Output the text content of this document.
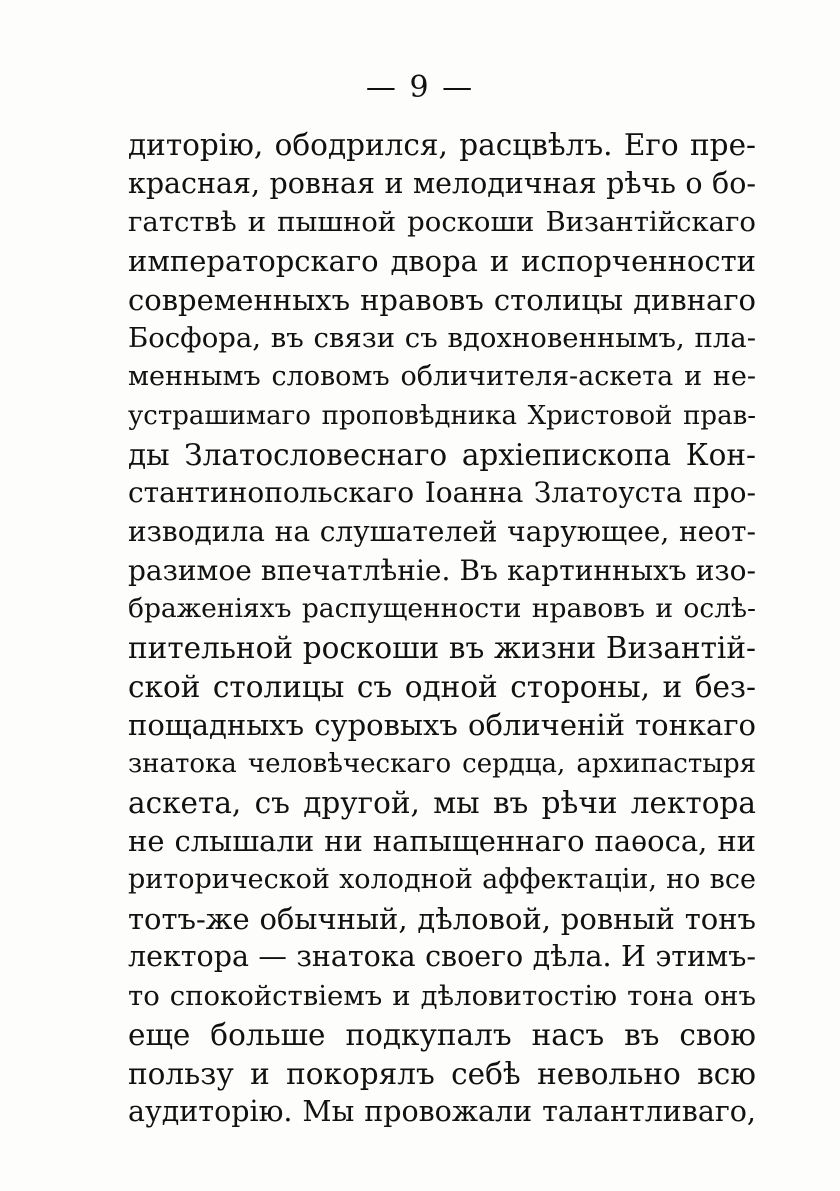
— 9 —
диторію, ободрился, расцвѣлъ. Его пре-
красная, ровная и мелодичная рѣчь о бо-
гатствѣ и пышной роскоши Византійскаго
императорскаго двора и испорченности
современныхъ нравовъ столицы дивнаго
Босфора, въ связи съ вдохновеннымъ, пла-
меннымъ словомъ обличителя-аскета и не-
устрашимаго проповѣдника Христовой прав-
ды Златословеснаго архіепископа Кон-
стантинопольскаго Іоанна Златоуста про-
изводила на слушателей чарующее, неот-
разимое впечатлѣніе. Въ картинныхъ изо-
браженіяхъ распущенности нравовъ и ослѣ-
пительной роскоши въ жизни Византій-
ской столицы съ одной стороны, и без-
пощадныхъ суровыхъ обличеній тонкаго
знатока человѣческаго сердца, архипастыря
аскета, съ другой, мы въ рѣчи лектора
не слышали ни напыщеннаго паѳоса, ни
риторической холодной аффектаціи, но все
тотъ-же обычный, дѣловой, ровный тонъ
лектора — знатока своего дѣла. И этимъ-
то спокойствіемъ и дѣловитостію тона онъ
еще больше подкупалъ насъ въ свою
пользу и покорялъ себѣ невольно всю
аудиторію. Мы провожали талантливаго,
